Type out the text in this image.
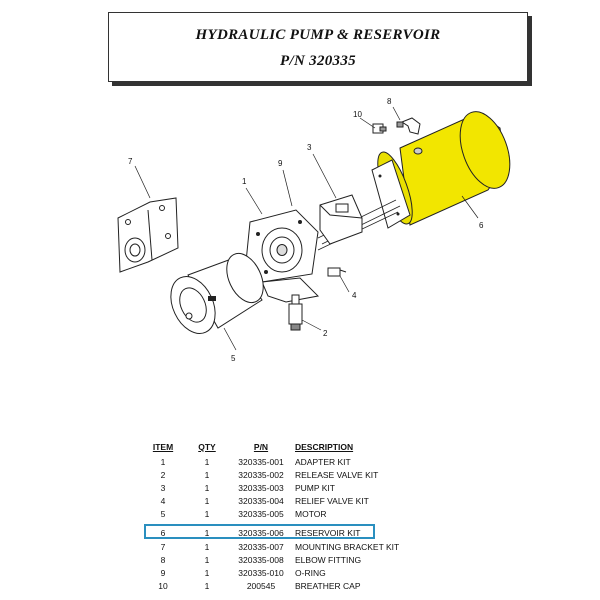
HYDRAULIC PUMP & RESERVOIR
P/N 320335
1
2
3
4
5
6
7
8
9
10
ITEM	QTY	P/N	DESCRIPTION
1	1	320335-001	ADAPTER KIT
2	1	320335-002	RELEASE VALVE KIT
3	1	320335-003	PUMP KIT
4	1	320335-004	RELIEF VALVE KIT
5	1	320335-005	MOTOR
6	1	320335-006	RESERVOIR KIT
7	1	320335-007	MOUNTING BRACKET KIT
8	1	320335-008	ELBOW FITTING
9	1	320335-010	O-RING
10	1	200545	BREATHER CAP
